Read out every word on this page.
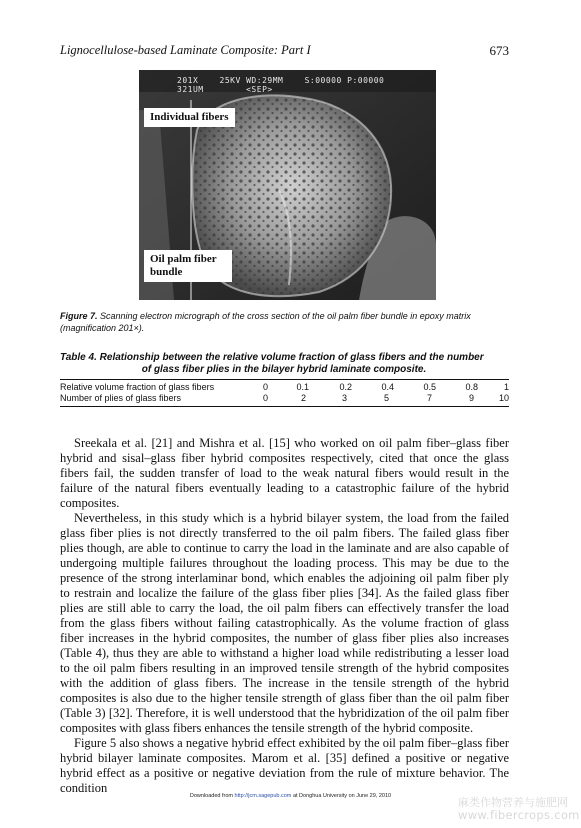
Lignocellulose-based Laminate Composite: Part I	673
201X    25KV WD:29MM    S:00000 P:00000
321UM        <SEP>
Individual fibers
Oil palm fiber bundle
Figure 7. Scanning electron micrograph of the cross section of the oil palm fiber bundle in epoxy matrix (magnification 201×).
Table 4. Relationship between the relative volume fraction of glass fibers and the number
of glass fiber plies in the bilayer hybrid laminate composite.
Relative volume fraction of glass fibers	0	0.1	0.2	0.4	0.5	0.8	1
Number of plies of glass fibers	0	2	3	5	7	9	10

Sreekala et al. [21] and Mishra et al. [15] who worked on oil palm fiber–glass fiber hybrid and sisal–glass fiber hybrid composites respectively, cited that once the glass fibers fail, the sudden transfer of load to the weak natural fibers would result in the failure of the natural fibers eventually leading to a catastrophic failure of the hybrid composites.

Nevertheless, in this study which is a hybrid bilayer system, the load from the failed glass fiber plies is not directly transferred to the oil palm fibers. The failed glass fiber plies though, are able to continue to carry the load in the laminate and are also capable of undergoing multiple failures throughout the loading process. This may be due to the presence of the strong interlaminar bond, which enables the adjoining oil palm fiber ply to restrain and localize the failure of the glass fiber plies [34]. As the failed glass fiber plies are still able to carry the load, the oil palm fibers can effectively transfer the load from the glass fibers without failing catastrophically. As the volume fraction of glass fiber increases in the hybrid composites, the number of glass fiber plies also increases (Table 4), thus they are able to withstand a higher load while redistributing a lesser load to the oil palm fibers resulting in an improved tensile strength of the hybrid composites with the addition of glass fibers. The increase in the tensile strength of the hybrid composites is also due to the higher tensile strength of glass fiber than the oil palm fiber (Table 3) [32]. Therefore, it is well understood that the hybridization of the oil palm fiber composites with glass fibers enhances the tensile strength of the hybrid composite.

Figure 5 also shows a negative hybrid effect exhibited by the oil palm fiber–glass fiber hybrid bilayer laminate composites. Marom et al. [35] defined a positive or negative hybrid effect as a positive or negative deviation from the rule of mixture behavior. The condition

Downloaded from http://jcm.sagepub.com at Donghua University on June 29, 2010	麻类作物营养与施肥网
www.fibercrops.com
